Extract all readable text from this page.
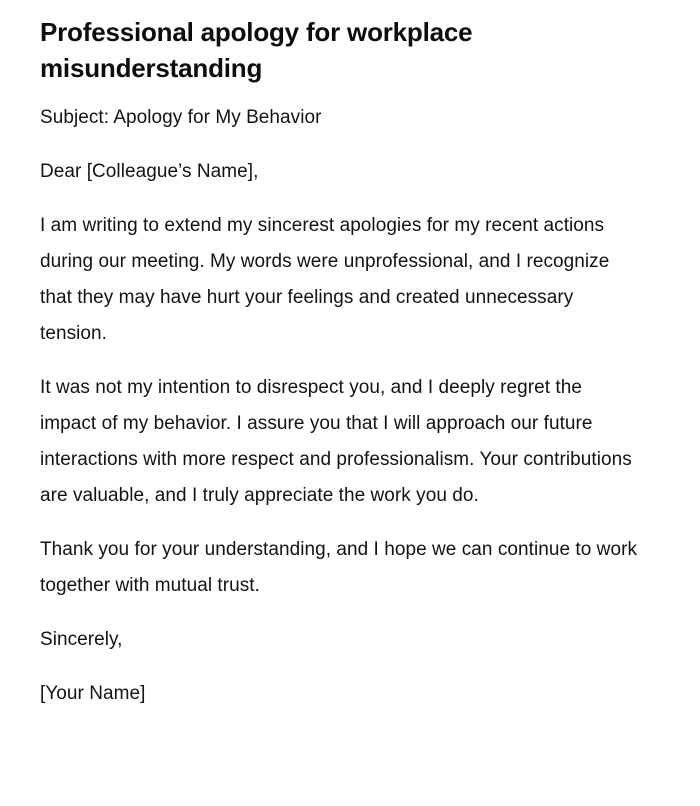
Professional apology for workplace misunderstanding

Subject: Apology for My Behavior

Dear [Colleague’s Name],

I am writing to extend my sincerest apologies for my recent actions during our meeting. My words were unprofessional, and I recognize that they may have hurt your feelings and created unnecessary tension.

It was not my intention to disrespect you, and I deeply regret the impact of my behavior. I assure you that I will approach our future interactions with more respect and professionalism. Your contributions are valuable, and I truly appreciate the work you do.

Thank you for your understanding, and I hope we can continue to work together with mutual trust.

Sincerely,

[Your Name]
